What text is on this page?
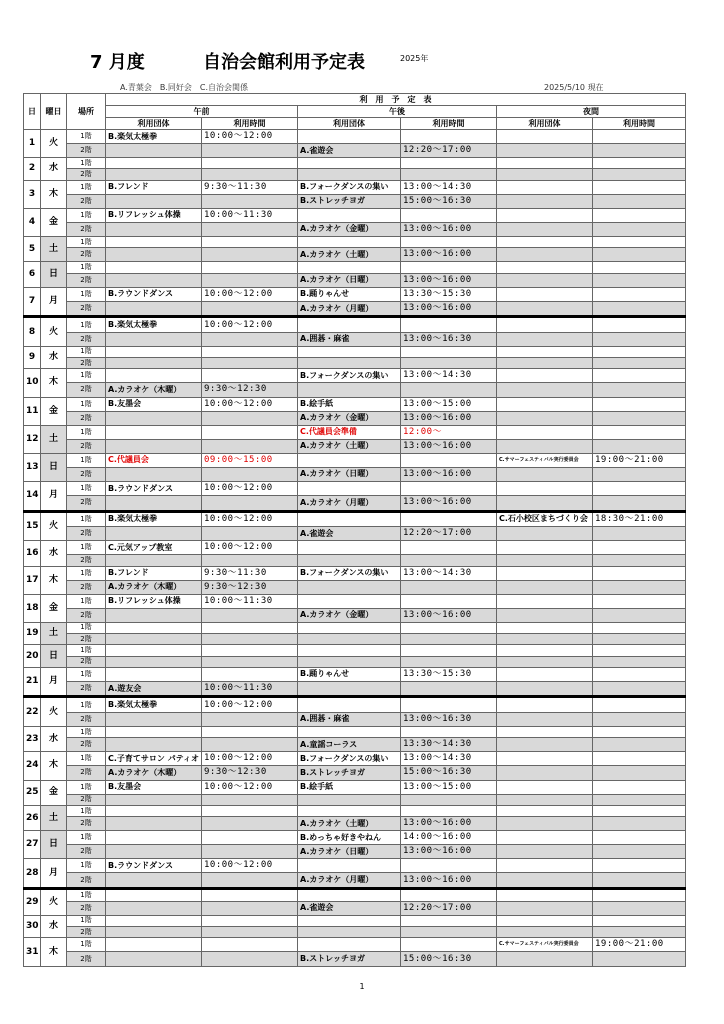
7 月度	自治会館利用予定表	2025年
A.青葉会　B.同好会　C.自治会関係	2025/5/10 現在
日	曜日	場所	利　用　予　定　表					
			午前		午後		夜間	
			利用団体	利用時間	利用団体	利用時間	利用団体	利用時間
1	火	1階	B.楽気太極拳	10:00～12:00				
		2階			A.雀遊会	12:20～17:00		
2	水	1階						
		2階						
3	木	1階	B.フレンド	9:30～11:30	B.フォークダンスの集い	13:00～14:30		
		2階			B.ストレッチヨガ	15:00～16:30		
4	金	1階	B.リフレッシュ体操	10:00～11:30				
		2階			A.カラオケ（金曜）	13:00～16:00		
5	土	1階						
		2階			A.カラオケ（土曜）	13:00～16:00		
6	日	1階						
		2階			A.カラオケ（日曜）	13:00～16:00		
7	月	1階	B.ラウンドダンス	10:00～12:00	B.踊りゃんせ	13:30～15:30		
		2階			A.カラオケ（月曜）	13:00～16:00		
8	火	1階	B.楽気太極拳	10:00～12:00				
		2階			A.囲碁・麻雀	13:00～16:30		
9	水	1階						
		2階						
10	木	1階			B.フォークダンスの集い	13:00～14:30		
		2階	A.カラオケ（木曜）	9:30～12:30				
11	金	1階	B.友墨会	10:00～12:00	B.絵手紙	13:00～15:00		
		2階			A.カラオケ（金曜）	13:00～16:00		
12	土	1階			C.代議員会準備	12:00～		
		2階			A.カラオケ（土曜）	13:00～16:00		
13	日	1階	C.代議員会	09:00～15:00			C.サマーフェスティバル実行委員会	19:00～21:00
		2階			A.カラオケ（日曜）	13:00～16:00		
14	月	1階	B.ラウンドダンス	10:00～12:00				
		2階			A.カラオケ（月曜）	13:00～16:00		
15	火	1階	B.楽気太極拳	10:00～12:00			C.石小校区まちづくり会	18:30～21:00
		2階			A.雀遊会	12:20～17:00		
16	水	1階	C.元気アップ教室	10:00～12:00				
		2階						
17	木	1階	B.フレンド	9:30～11:30	B.フォークダンスの集い	13:00～14:30		
		2階	A.カラオケ（木曜）	9:30～12:30				
18	金	1階	B.リフレッシュ体操	10:00～11:30				
		2階			A.カラオケ（金曜）	13:00～16:00		
19	土	1階						
		2階						
20	日	1階						
		2階						
21	月	1階			B.踊りゃんせ	13:30～15:30		
		2階	A.遊友会	10:00～11:30				
22	火	1階	B.楽気太極拳	10:00～12:00				
		2階			A.囲碁・麻雀	13:00～16:30		
23	水	1階						
		2階			A.童謡コーラス	13:30～14:30		
24	木	1階	C.子育てサロン パティオ	10:00～12:00	B.フォークダンスの集い	13:00～14:30		
		2階	A.カラオケ（木曜）	9:30～12:30	B.ストレッチヨガ	15:00～16:30		
25	金	1階	B.友墨会	10:00～12:00	B.絵手紙	13:00～15:00		
		2階						
26	土	1階						
		2階			A.カラオケ（土曜）	13:00～16:00		
27	日	1階			B.めっちゃ好きやねん	14:00～16:00		
		2階			A.カラオケ（日曜）	13:00～16:00		
28	月	1階	B.ラウンドダンス	10:00～12:00				
		2階			A.カラオケ（月曜）	13:00～16:00		
29	火	1階						
		2階			A.雀遊会	12:20～17:00		
30	水	1階						
		2階						
31	木	1階					C.サマーフェスティバル実行委員会	19:00～21:00
		2階			B.ストレッチヨガ	15:00～16:30		
1
